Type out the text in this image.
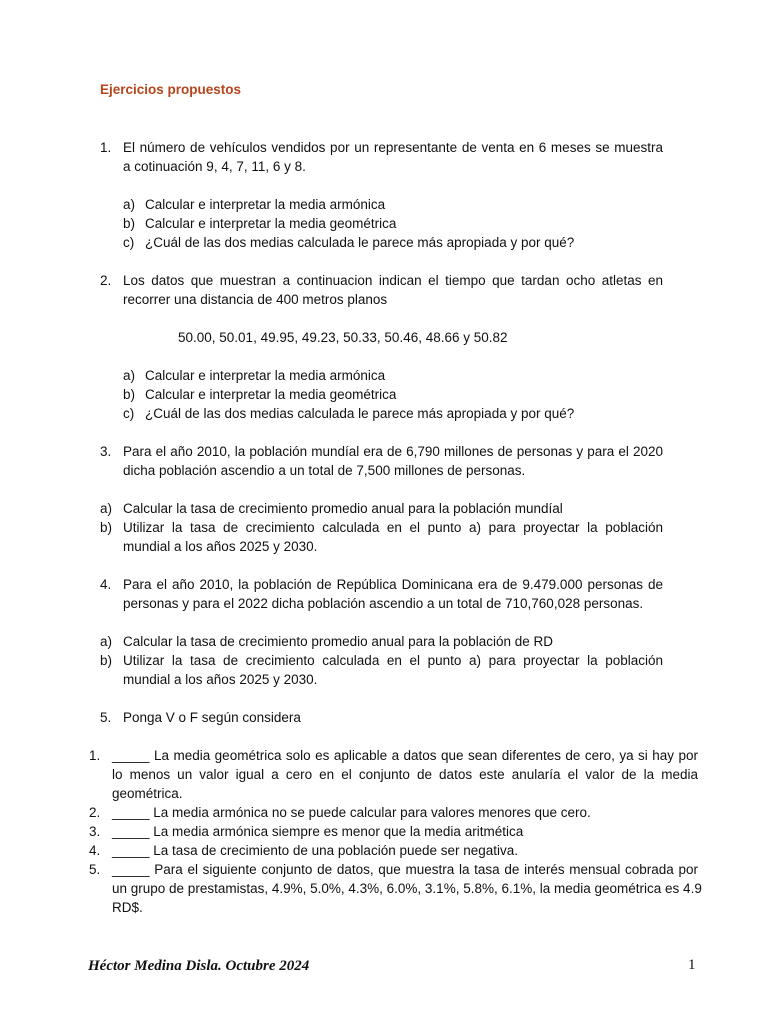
Ejercicios propuestos
1. El número de vehículos vendidos por un representante de venta en 6 meses se muestra
a cotinuación 9, 4, 7, 11, 6 y 8.
a) Calcular e interpretar la media armónica
b) Calcular e interpretar la media geométrica
c) ¿Cuál de las dos medias calculada le parece más apropiada y por qué?
2. Los datos que muestran a continuacion indican el tiempo que tardan ocho atletas en
recorrer una distancia de 400 metros planos
50.00, 50.01, 49.95, 49.23, 50.33, 50.46, 48.66 y 50.82
a) Calcular e interpretar la media armónica
b) Calcular e interpretar la media geométrica
c) ¿Cuál de las dos medias calculada le parece más apropiada y por qué?
3. Para el año 2010, la población mundíal era de 6,790 millones de personas y para el 2020
dicha población ascendio a un total de 7,500 millones de personas.
a) Calcular la tasa de crecimiento promedio anual para la población mundíal
b) Utilizar la tasa de crecimiento calculada en el punto a) para proyectar la población
mundial a los años 2025 y 2030.
4. Para el año 2010, la población de República Dominicana era de 9.479.000 personas de
personas y para el 2022 dicha población ascendio a un total de 710,760,028 personas.
a) Calcular la tasa de crecimiento promedio anual para la población de RD
b) Utilizar la tasa de crecimiento calculada en el punto a) para proyectar la población
mundial a los años 2025 y 2030.
5. Ponga V o F según considera
1. _____ La media geométrica solo es aplicable a datos que sean diferentes de cero, ya si hay por
lo menos un valor igual a cero en el conjunto de datos este anularía el valor de la media
geométrica.
2. _____ La media armónica no se puede calcular para valores menores que cero.
3. _____ La media armónica siempre es menor que la media aritmética
4. _____ La tasa de crecimiento de una población puede ser negativa.
5. _____ Para el siguiente conjunto de datos, que muestra la tasa de interés mensual cobrada por
un grupo de prestamistas, 4.9%, 5.0%, 4.3%, 6.0%, 3.1%, 5.8%, 6.1%, la media geométrica es 4.9
RD$.
Héctor Medina Disla. Octubre 2024	1
